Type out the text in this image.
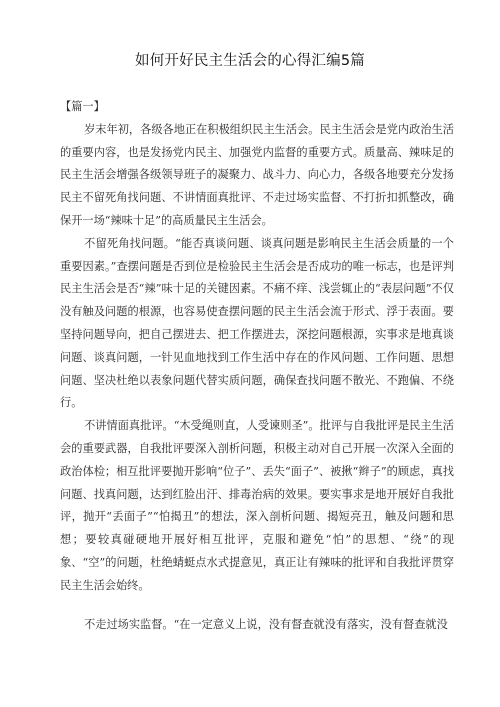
如何开好民主生活会的心得汇编5篇

【篇一】

岁末年初，各级各地正在积极组织民主生活会。民主生活会是党内政治生活的重要内容，也是发扬党内民主、加强党内监督的重要方式。质量高、辣味足的民主生活会增强各级领导班子的凝聚力、战斗力、向心力，各级各地要充分发扬民主不留死角找问题、不讲情面真批评、不走过场实监督、不打折扣抓整改，确保开一场“辣味十足”的高质量民主生活会。

不留死角找问题。“能否真谈问题、谈真问题是影响民主生活会质量的一个重要因素。”查摆问题是否到位是检验民主生活会是否成功的唯一标志，也是评判民主生活会是否“辣”味十足的关键因素。不痛不痒、浅尝辄止的“表层问题”不仅没有触及问题的根源，也容易使查摆问题的民主生活会流于形式、浮于表面。要坚持问题导向，把自己摆进去、把工作摆进去，深挖问题根源，实事求是地真谈问题、谈真问题，一针见血地找到工作生活中存在的作风问题、工作问题、思想问题、坚决杜绝以表象问题代替实质问题，确保查找问题不散光、不跑偏、不绕行。

不讲情面真批评。“木受绳则直，人受谏则圣”。批评与自我批评是民主生活会的重要武器，自我批评要深入剖析问题，积极主动对自己开展一次深入全面的政治体检；相互批评要抛开影响“位子”、丢失“面子”、被揪“辫子”的顾虑，真找问题、找真问题，达到红脸出汗、排毒治病的效果。要实事求是地开展好自我批评，抛开“丢面子”“怕揭丑”的想法，深入剖析问题、揭短亮丑，触及问题和思想；要较真碰硬地开展好相互批评，克服和避免“怕”的思想、“绕”的现象、“空”的问题，杜绝蜻蜓点水式提意见，真正让有辣味的批评和自我批评贯穿民主生活会始终。

不走过场实监督。“在一定意义上说，没有督查就没有落实，没有督查就没
